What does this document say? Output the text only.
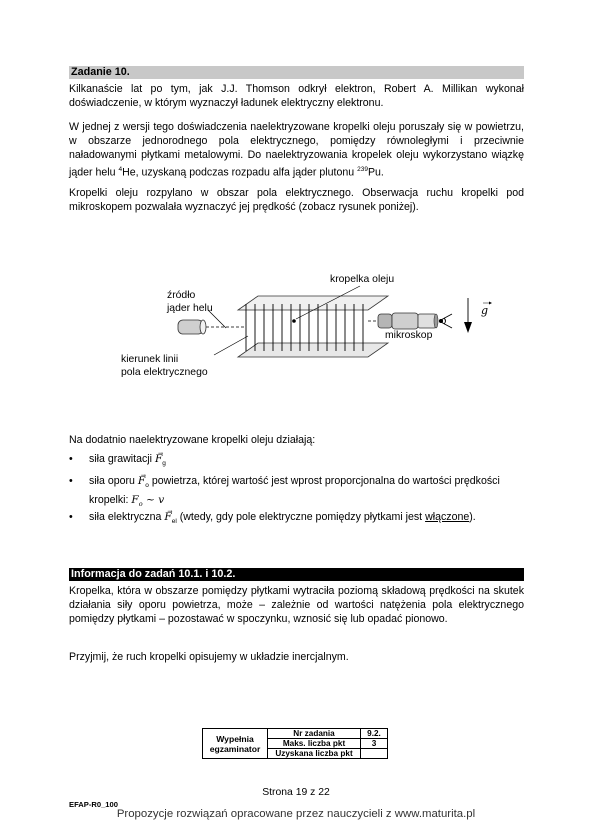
Zadanie 10.
Kilkanaście lat po tym, jak J.J. Thomson odkrył elektron, Robert A. Millikan wykonał doświadczenie, w którym wyznaczył ładunek elektryczny elektronu.
W jednej z wersji tego doświadczenia naelektryzowane kropelki oleju poruszały się w powietrzu, w obszarze jednorodnego pola elektrycznego, pomiędzy równoległymi i przeciwnie naładowanymi płytkami metalowymi. Do naelektryzowania kropelek oleju wykorzystano wiązkę jąder helu $^4$He, uzyskaną podczas rozpadu alfa jąder plutonu $^{239}$Pu.
Kropelki oleju rozpylano w obszar pola elektrycznego. Obserwacja ruchu kropelki pod mikroskopem pozwalała wyznaczyć jej prędkość (zobacz rysunek poniżej).
źródło
jąder helu
kropelka oleju
mikroskop
kierunek linii
pola elektrycznego
g
Na dodatnio naelektryzowane kropelki oleju działają:
• siła grawitacji $F \to_g$
• siła oporu $F \to_o$ powietrza, której wartość jest wprost proporcjonalna do wartości prędkości kropelki: $F_o$ ~ v
• siła elektryczna $F \to_{el}$ (wtedy, gdy pole elektryczne pomiędzy płytkami jest włączone).
Informacja do zadań 10.1. i 10.2.
Kropelka, która w obszarze pomiędzy płytkami wytraciła poziomą składową prędkości na skutek działania siły oporu powietrza, może – zależnie od wartości natężenia pola elektrycznego pomiędzy płytkami – pozostawać w spoczynku, wznosić się lub opadać pionowo.
Przyjmij, że ruch kropelki opisujemy w układzie inercjalnym.
Wypełnia
egzaminator	Nr zadania	9.2.
	Maks. liczba pkt	3
	Uzyskana liczba pkt	
Strona 19 z 22
EFAP-R0_100
Propozycje rozwiązań opracowane przez nauczycieli z www.maturita.pl
